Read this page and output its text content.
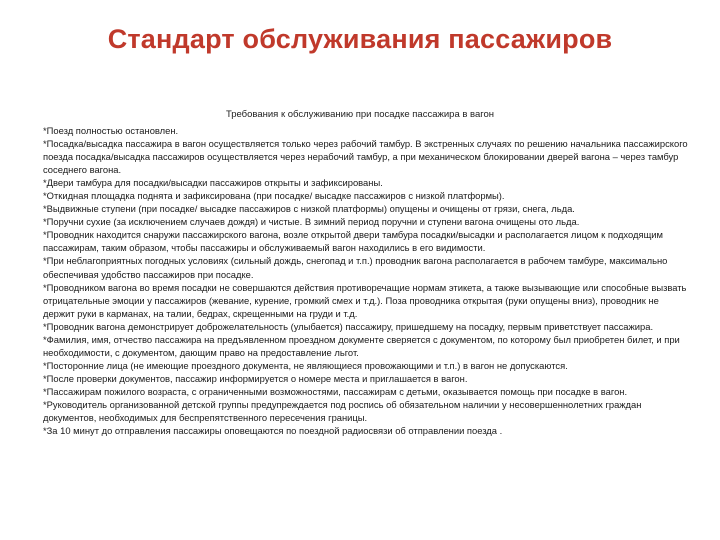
Стандарт обслуживания пассажиров
Требования к обслуживанию при посадке пассажира в вагон

*Поезд полностью остановлен.

*Посадка/высадка пассажира в вагон осуществляется только через рабочий тамбур. В экстренных случаях по решению начальника пассажирского поезда посадка/высадка пассажиров осуществляется через нерабочий тамбур, а при механическом блокировании дверей вагона – через тамбур соседнего вагона.

*Двери тамбура для посадки/высадки пассажиров открыты и зафиксированы.

*Откидная площадка поднята и зафиксирована (при посадке/ высадке пассажиров с низкой платформы).

*Выдвижные ступени (при посадке/ высадке пассажиров с низкой платформы) опущены и очищены от грязи, снега, льда.

*Поручни сухие (за исключением случаев дождя) и чистые. В зимний период поручни и ступени вагона очищены ото льда.

*Проводник находится снаружи пассажирского вагона, возле открытой двери тамбура посадки/высадки и располагается лицом к подходящим пассажирам, таким образом, чтобы пассажиры и обслуживаемый вагон находились в его видимости.

*При неблагоприятных погодных условиях (сильный дождь, снегопад и т.п.) проводник вагона располагается в рабочем тамбуре, максимально обеспечивая удобство пассажиров при посадке.

*Проводником вагона во время посадки не совершаются действия противоречащие нормам этикета, а также вызывающие или способные вызвать отрицательные эмоции у пассажиров (жевание, курение, громкий смех и т.д.). Поза проводника открытая (руки опущены вниз), проводник не держит руки в карманах, на талии, бедрах, скрещенными на груди и т.д.

*Проводник вагона демонстрирует доброжелательность (улыбается) пассажиру, пришедшему на посадку, первым приветствует пассажира.

*Фамилия, имя, отчество пассажира на предъявленном проездном документе сверяется с документом, по которому был приобретен билет, и при необходимости, с документом, дающим право на предоставление льгот.

*Посторонние лица (не имеющие проездного документа, не являющиеся провожающими и т.п.) в вагон не допускаются.

*После проверки документов, пассажир информируется о номере места и приглашается в вагон.

*Пассажирам пожилого возраста, с ограниченными возможностями, пассажирам с детьми, оказывается помощь при посадке в вагон.

*Руководитель организованной детской группы предупреждается под роспись об обязательном наличии у несовершеннолетних граждан документов, необходимых для беспрепятственного пересечения границы.

*За 10 минут до отправления пассажиры оповещаются по поездной радиосвязи об отправлении поезда .
